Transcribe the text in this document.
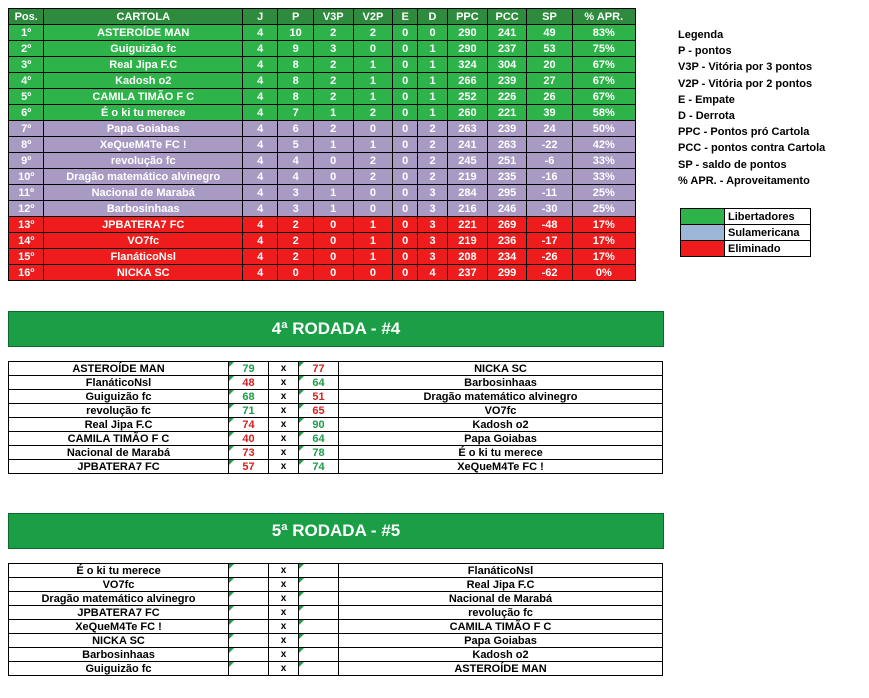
Pos.	CARTOLA	J	P	V3P	V2P	E	D	PPC	PCC	SP	% APR.
1º	ASTEROÍDE MAN	4	10	2	2	0	0	290	241	49	83%
2º	Guiguizão fc	4	9	3	0	0	1	290	237	53	75%
3º	Real Jipa F.C	4	8	2	1	0	1	324	304	20	67%
4º	Kadosh o2	4	8	2	1	0	1	266	239	27	67%
5º	CAMILA TIMÃO F C	4	8	2	1	0	1	252	226	26	67%
6º	É o ki tu merece	4	7	1	2	0	1	260	221	39	58%
7º	Papa Goiabas	4	6	2	0	0	2	263	239	24	50%
8º	XeQueM4Te FC !	4	5	1	1	0	2	241	263	-22	42%
9º	revolução fc	4	4	0	2	0	2	245	251	-6	33%
10º	Dragão matemático alvinegro	4	4	0	2	0	2	219	235	-16	33%
11º	Nacional de Marabá	4	3	1	0	0	3	284	295	-11	25%
12º	Barbosinhaas	4	3	1	0	0	3	216	246	-30	25%
13º	JPBATERA7 FC	4	2	0	1	0	3	221	269	-48	17%
14º	VO7fc	4	2	0	1	0	3	219	236	-17	17%
15º	FlanáticoNsl	4	2	0	1	0	3	208	234	-26	17%
16º	NICKA SC	4	0	0	0	0	4	237	299	-62	0%
Legenda
P - pontos
V3P - Vitória por 3 pontos
V2P - Vitória por 2 pontos
E - Empate
D - Derrota
PPC - Pontos pró Cartola
PCC - pontos contra Cartola
SP - saldo de pontos
% APR. - Aproveitamento
	Libertadores
	Sulamericana
	Eliminado
4ª RODADA - #4
ASTEROÍDE MAN	79	x	77	NICKA SC
FlanáticoNsl	48	x	64	Barbosinhaas
Guiguizão fc	68	x	51	Dragão matemático alvinegro
revolução fc	71	x	65	VO7fc
Real Jipa F.C	74	x	90	Kadosh o2
CAMILA TIMÃO F C	40	x	64	Papa Goiabas
Nacional de Marabá	73	x	78	É o ki tu merece
JPBATERA7 FC	57	x	74	XeQueM4Te FC !
5ª RODADA - #5
É o ki tu merece		x		FlanáticoNsl
VO7fc		x		Real Jipa F.C
Dragão matemático alvinegro		x		Nacional de Marabá
JPBATERA7 FC		x		revolução fc
XeQueM4Te FC !		x		CAMILA TIMÃO F C
NICKA SC		x		Papa Goiabas
Barbosinhaas		x		Kadosh o2
Guiguizão fc		x		ASTEROÍDE MAN
